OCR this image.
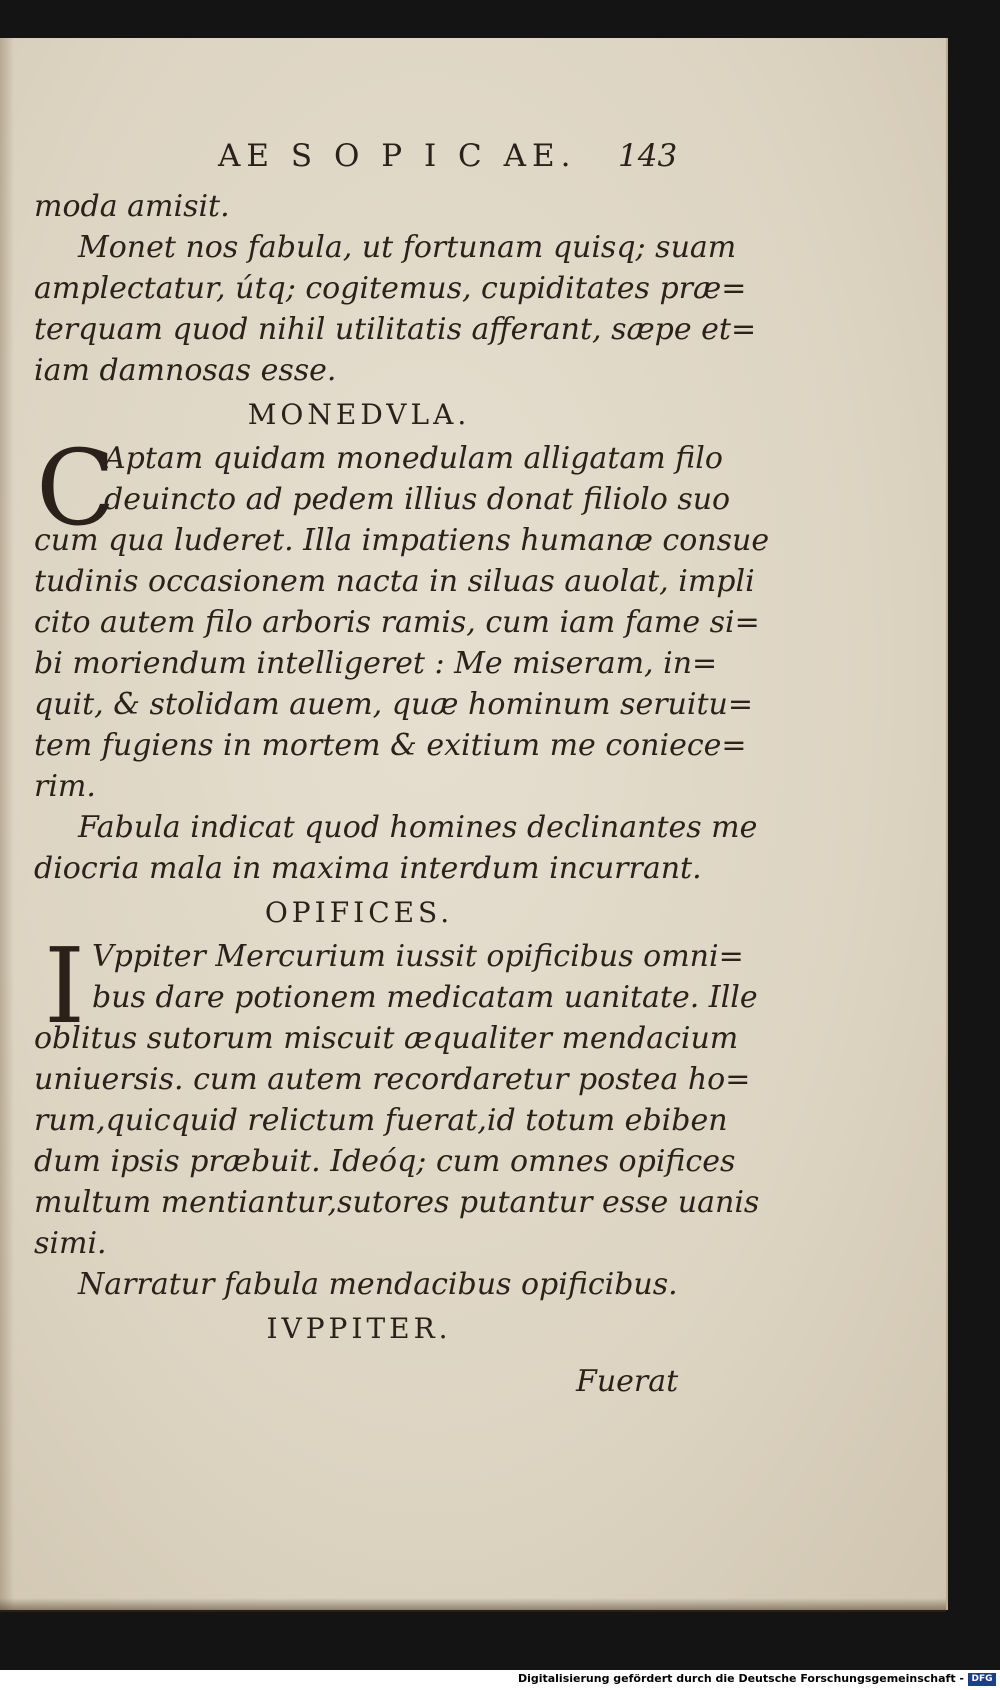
AE S O P I C AE.	143
moda amisit.
Monet nos fabula, ut fortunam quisq; suam
amplectatur, útq; cogitemus, cupiditates præ=
terquam quod nihil utilitatis afferant, sæpe et=
iam damnosas esse.
MONEDVLA.
C
Aptam quidam monedulam alligatam filo
deuinctо ad pedem illius donat filiolo suo
cum qua luderet. Illa impatiens humanæ consue
tudinis occasionem nacta in siluas auolat, impli
cito autem filo arboris ramis, cum iam fame si=
bi moriendum intelligeret : Me miseram, in=
quit, & stolidam auem, quæ hominum seruitu=
tem fugiens in mortem & exitium me coniece=
rim.
Fabula indicat quod homines declinantes me
diocria mala in maxima interdum incurrant.
OPIFICES.
I Vppiter Mercurium iussit opificibus omni=
bus dare potionem medicatam uanitate. Ille
oblitus sutorum miscuit æqualiter mendacium
uniuersis. cum autem recordaretur postea ho=
rum,quicquid relictum fuerat,id totum ebiben
dum ipsis præbuit. Ideóq; cum omnes opifices
multum mentiantur,sutores putantur esse uanis
simi.
Narratur fabula mendacibus opificibus.
IVPPITER.
Fuerat
Digitalisierung gefördert durch die Deutsche Forschungsgemeinschaft - DFG
